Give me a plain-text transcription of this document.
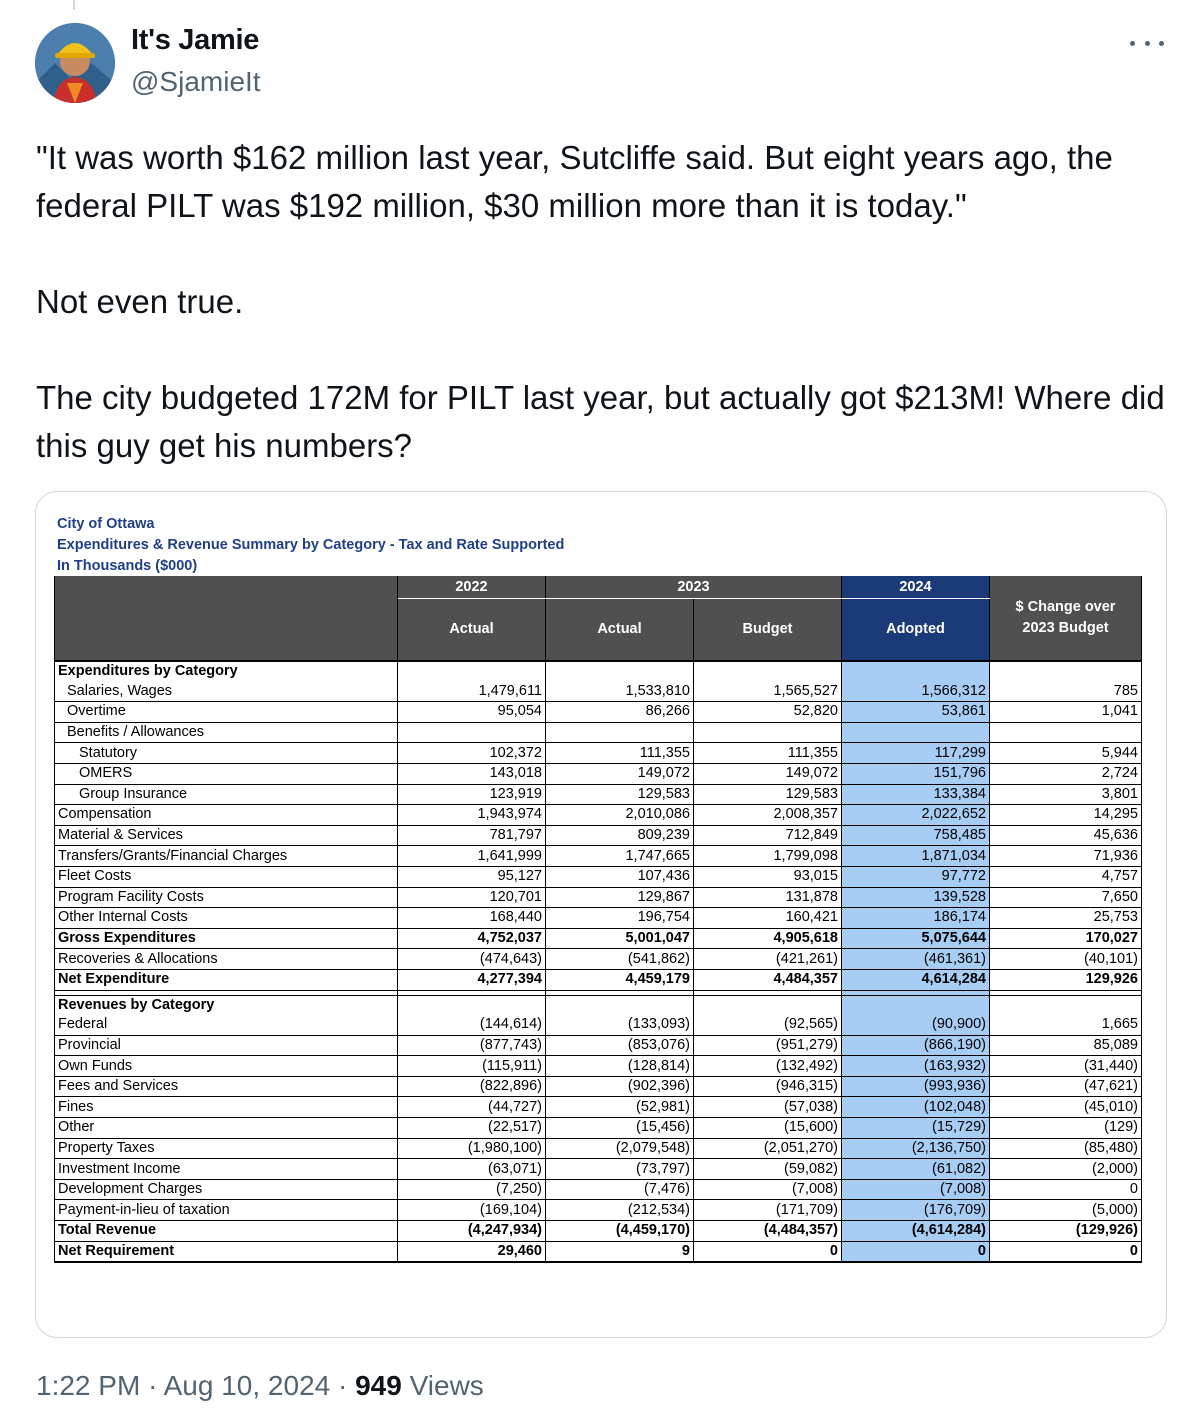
It's Jamie
@SjamieIt

"It was worth $162 million last year, Sutcliffe said. But eight years ago, the federal PILT was $192 million, $30 million more than it is today."

Not even true.

The city budgeted 172M for PILT last year, but actually got $213M! Where did this guy get his numbers?

City of Ottawa
Expenditures & Revenue Summary by Category - Tax and Rate Supported
In Thousands ($000)
	2022	2023		2024	$ Change over 2023 Budget
	Actual	Actual	Budget	Adopted	
Expenditures by Category					
Salaries, Wages	1,479,611	1,533,810	1,565,527	1,566,312	785
Overtime	95,054	86,266	52,820	53,861	1,041
Benefits / Allowances					
Statutory	102,372	111,355	111,355	117,299	5,944
OMERS	143,018	149,072	149,072	151,796	2,724
Group Insurance	123,919	129,583	129,583	133,384	3,801
Compensation	1,943,974	2,010,086	2,008,357	2,022,652	14,295
Material & Services	781,797	809,239	712,849	758,485	45,636
Transfers/Grants/Financial Charges	1,641,999	1,747,665	1,799,098	1,871,034	71,936
Fleet Costs	95,127	107,436	93,015	97,772	4,757
Program Facility Costs	120,701	129,867	131,878	139,528	7,650
Other Internal Costs	168,440	196,754	160,421	186,174	25,753
Gross Expenditures	4,752,037	5,001,047	4,905,618	5,075,644	170,027
Recoveries & Allocations	(474,643)	(541,862)	(421,261)	(461,361)	(40,101)
Net Expenditure	4,277,394	4,459,179	4,484,357	4,614,284	129,926

Revenues by Category					
Federal	(144,614)	(133,093)	(92,565)	(90,900)	1,665
Provincial	(877,743)	(853,076)	(951,279)	(866,190)	85,089
Own Funds	(115,911)	(128,814)	(132,492)	(163,932)	(31,440)
Fees and Services	(822,896)	(902,396)	(946,315)	(993,936)	(47,621)
Fines	(44,727)	(52,981)	(57,038)	(102,048)	(45,010)
Other	(22,517)	(15,456)	(15,600)	(15,729)	(129)
Property Taxes	(1,980,100)	(2,079,548)	(2,051,270)	(2,136,750)	(85,480)
Investment Income	(63,071)	(73,797)	(59,082)	(61,082)	(2,000)
Development Charges	(7,250)	(7,476)	(7,008)	(7,008)	0
Payment-in-lieu of taxation	(169,104)	(212,534)	(171,709)	(176,709)	(5,000)
Total Revenue	(4,247,934)	(4,459,170)	(4,484,357)	(4,614,284)	(129,926)
Net Requirement	29,460	9	0	0	0
1:22 PM · Aug 10, 2024 · 949 Views
